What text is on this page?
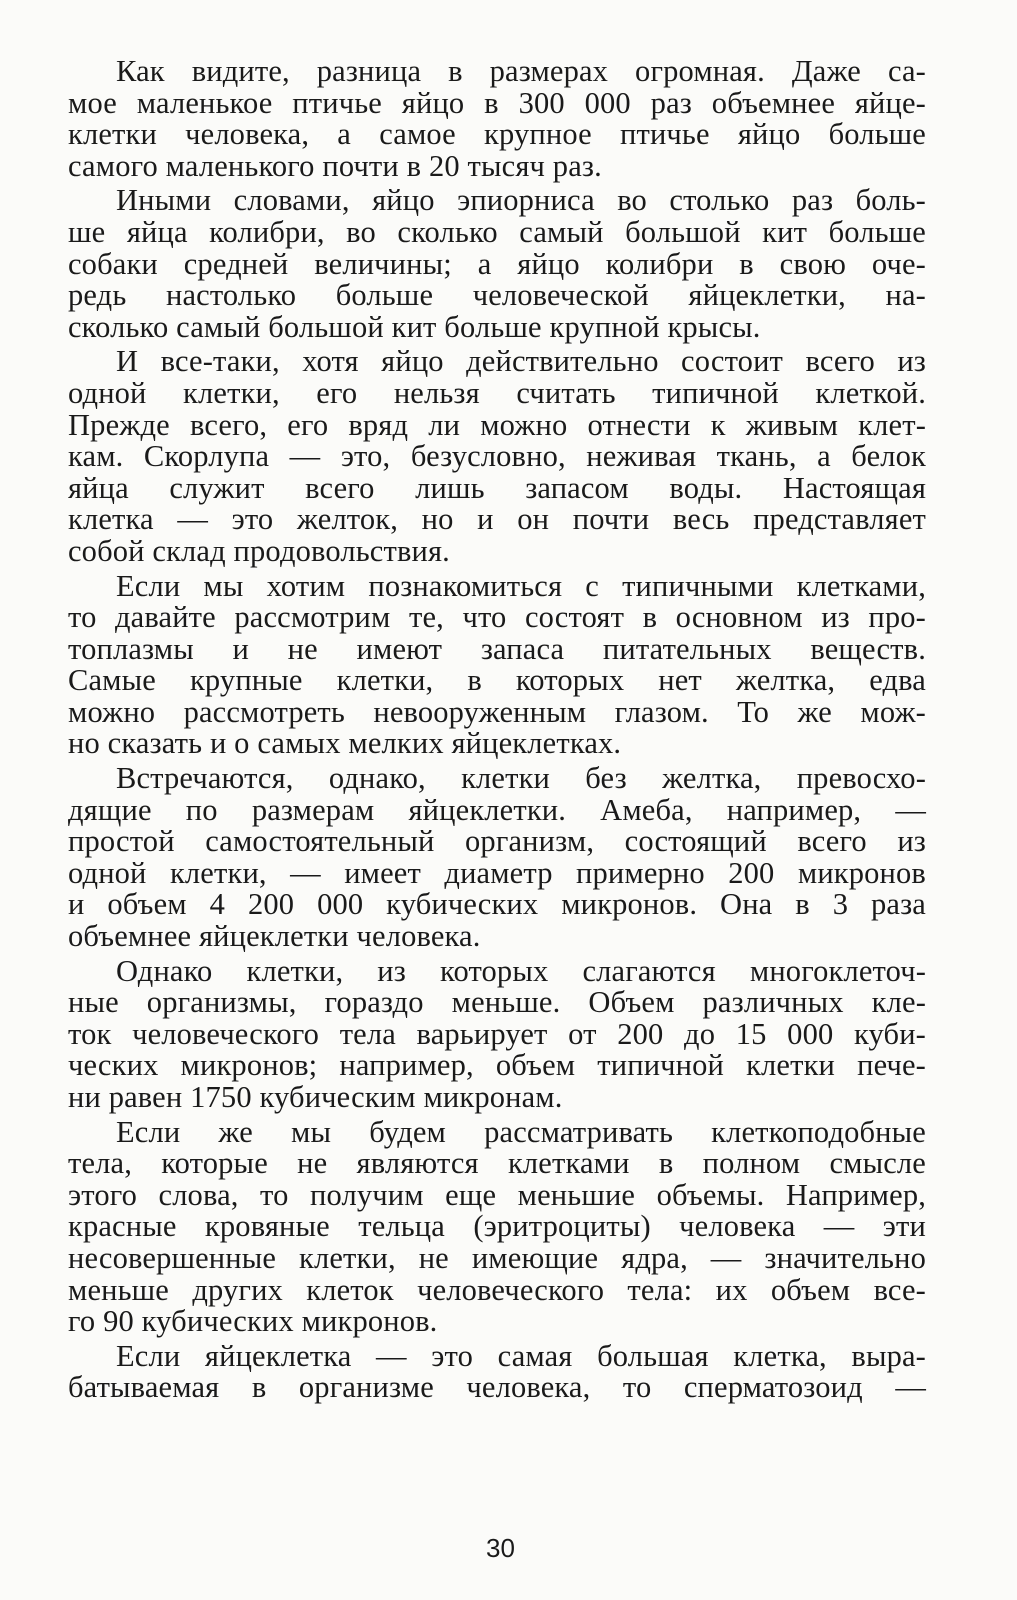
Как видите, разница в размерах огромная. Даже са-
мое маленькое птичье яйцо в 300 000 раз объемнее яйце-
клетки человека, а самое крупное птичье яйцо больше
самого маленького почти в 20 тысяч раз.
Иными словами, яйцо эпиорниса во столько раз боль-
ше яйца колибри, во сколько самый большой кит больше
собаки средней величины; а яйцо колибри в свою оче-
редь настолько больше человеческой яйцеклетки, на-
сколько самый большой кит больше крупной крысы.
И все-таки, хотя яйцо действительно состоит всего из
одной клетки, его нельзя считать типичной клеткой.
Прежде всего, его вряд ли можно отнести к живым клет-
кам. Скорлупа — это, безусловно, неживая ткань, а белок
яйца служит всего лишь запасом воды. Настоящая
клетка — это желток, но и он почти весь представляет
собой склад продовольствия.
Если мы хотим познакомиться с типичными клетками,
то давайте рассмотрим те, что состоят в основном из про-
топлазмы и не имеют запаса питательных веществ.
Самые крупные клетки, в которых нет желтка, едва
можно рассмотреть невооруженным глазом. То же мож-
но сказать и о самых мелких яйцеклетках.
Встречаются, однако, клетки без желтка, превосхо-
дящие по размерам яйцеклетки. Амеба, например, —
простой самостоятельный организм, состоящий всего из
одной клетки, — имеет диаметр примерно 200 микронов
и объем 4 200 000 кубических микронов. Она в 3 раза
объемнее яйцеклетки человека.
Однако клетки, из которых слагаются многоклеточ-
ные организмы, гораздо меньше. Объем различных кле-
ток человеческого тела варьирует от 200 до 15 000 куби-
ческих микронов; например, объем типичной клетки пече-
ни равен 1750 кубическим микронам.
Если же мы будем рассматривать клеткоподобные
тела, которые не являются клетками в полном смысле
этого слова, то получим еще меньшие объемы. Например,
красные кровяные тельца (эритроциты) человека — эти
несовершенные клетки, не имеющие ядра, — значительно
меньше других клеток человеческого тела: их объем все-
го 90 кубических микронов.
Если яйцеклетка — это самая большая клетка, выра-
батываемая в организме человека, то сперматозоид —
30
